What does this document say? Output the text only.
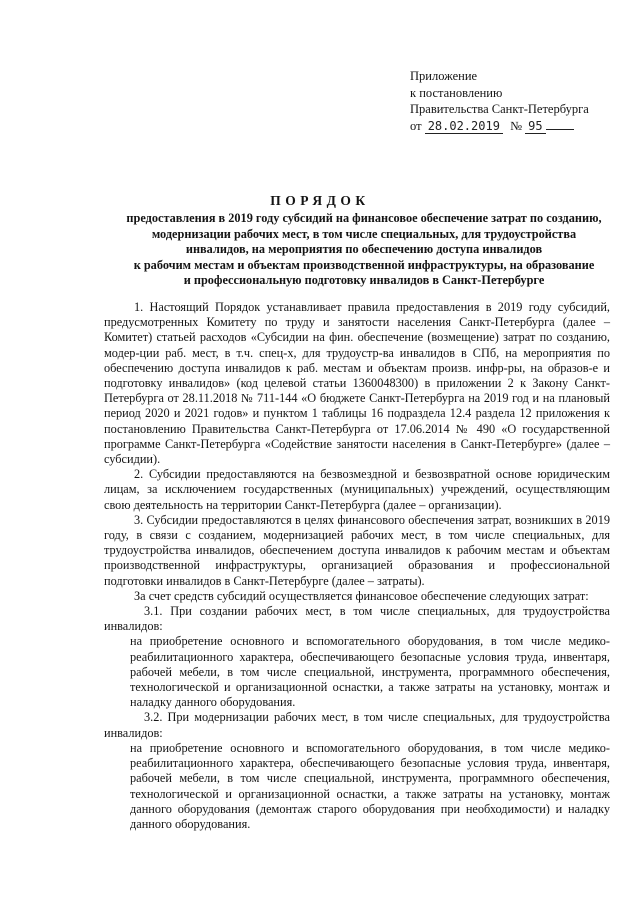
Приложение
к постановлению
Правительства Санкт-Петербурга
от 28.02.2019 № 95
ПОРЯДОК
предоставления в 2019 году субсидий на финансовое обеспечение затрат по созданию,
модернизации рабочих мест, в том числе специальных, для трудоустройства
инвалидов, на мероприятия по обеспечению доступа инвалидов
к рабочим местам и объектам производственной инфраструктуры, на образование
и профессиональную подготовку инвалидов в Санкт-Петербурге

1. Настоящий Порядок устанавливает правила предоставления в 2019 году субсидий, предусмотренных Комитету по труду и занятости населения Санкт-Петербурга (далее – Комитет) статьей расходов «Субсидии на фин. обеспечение (возмещение) затрат по созданию, модер-ции раб. мест, в т.ч. спец-х, для трудоустр-ва инвалидов в СПб, на мероприятия по обеспечению доступа инвалидов к раб. местам и объектам произв. инфр-ры, на образов-е и подготовку инвалидов» (код целевой статьи 1360048300) в приложении 2 к Закону Санкт-Петербурга от 28.11.2018 № 711-144 «О бюджете Санкт-Петербурга на 2019 год и на плановый период 2020 и 2021 годов» и пунктом 1 таблицы 16 подраздела 12.4 раздела 12 приложения к постановлению Правительства Санкт-Петербурга от 17.06.2014 № 490 «О государственной программе Санкт-Петербурга «Содействие занятости населения в Санкт-Петербурге» (далее – субсидии).

2. Субсидии предоставляются на безвозмездной и безвозвратной основе юридическим лицам, за исключением государственных (муниципальных) учреждений, осуществляющим свою деятельность на территории Санкт-Петербурга (далее – организации).

3. Субсидии предоставляются в целях финансового обеспечения затрат, возникших в 2019 году, в связи с созданием, модернизацией рабочих мест, в том числе специальных, для трудоустройства инвалидов, обеспечением доступа инвалидов к рабочим местам и объектам производственной инфраструктуры, организацией образования и профессиональной подготовки инвалидов в Санкт-Петербурге (далее – затраты).

За счет средств субсидий осуществляется финансовое обеспечение следующих затрат:

3.1. При создании рабочих мест, в том числе специальных, для трудоустройства инвалидов:

на приобретение основного и вспомогательного оборудования, в том числе медико-реабилитационного характера, обеспечивающего безопасные условия труда, инвентаря, рабочей мебели, в том числе специальной, инструмента, программного обеспечения, технологической и организационной оснастки, а также затраты на установку, монтаж и наладку данного оборудования.

3.2. При модернизации рабочих мест, в том числе специальных, для трудоустройства инвалидов:

на приобретение основного и вспомогательного оборудования, в том числе медико-реабилитационного характера, обеспечивающего безопасные условия труда, инвентаря, рабочей мебели, в том числе специальной, инструмента, программного обеспечения, технологической и организационной оснастки, а также затраты на установку, монтаж данного оборудования (демонтаж старого оборудования при необходимости) и наладку данного оборудования.
